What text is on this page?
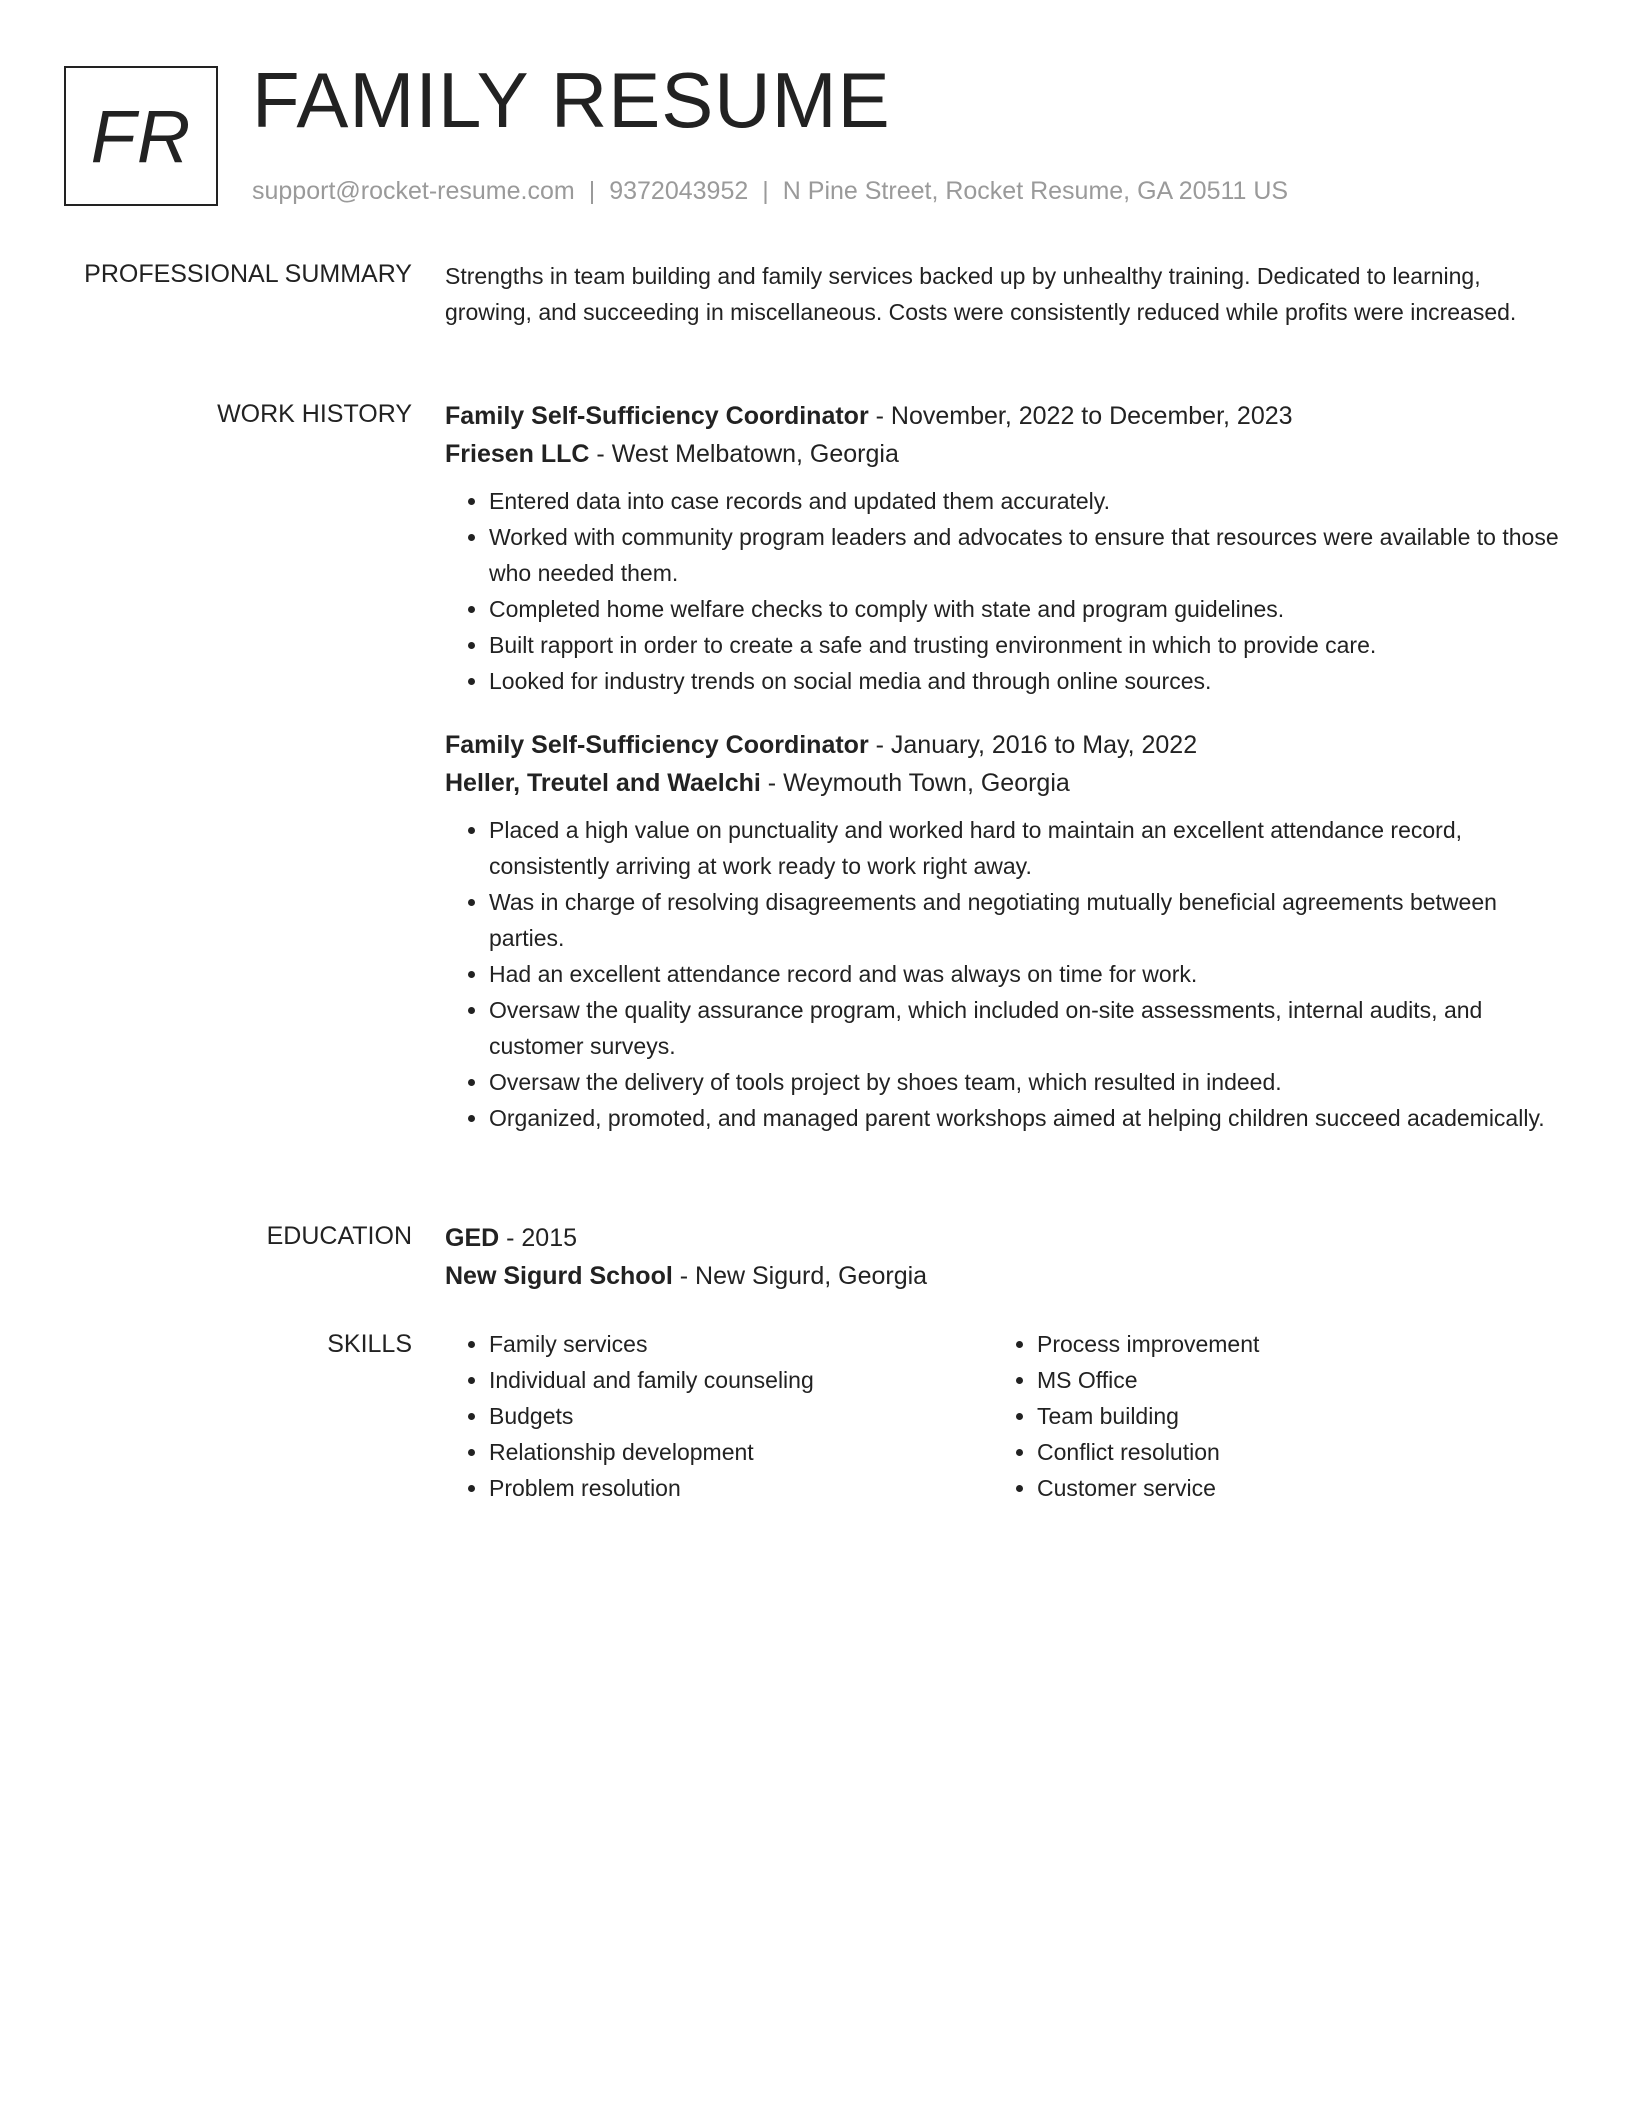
FR FAMILY RESUME
support@rocket-resume.com | 9372043952 | N Pine Street, Rocket Resume, GA 20511 US
PROFESSIONAL SUMMARY Strengths in team building and family services backed up by unhealthy training. Dedicated to learning, growing, and succeeding in miscellaneous. Costs were consistently reduced while profits were increased.
WORK HISTORY Family Self-Sufficiency Coordinator - November, 2022 to December, 2023
Friesen LLC - West Melbatown, Georgia
• Entered data into case records and updated them accurately.
• Worked with community program leaders and advocates to ensure that resources were available to those who needed them.
• Completed home welfare checks to comply with state and program guidelines.
• Built rapport in order to create a safe and trusting environment in which to provide care.
• Looked for industry trends on social media and through online sources.
Family Self-Sufficiency Coordinator - January, 2016 to May, 2022
Heller, Treutel and Waelchi - Weymouth Town, Georgia
• Placed a high value on punctuality and worked hard to maintain an excellent attendance record, consistently arriving at work ready to work right away.
• Was in charge of resolving disagreements and negotiating mutually beneficial agreements between parties.
• Had an excellent attendance record and was always on time for work.
• Oversaw the quality assurance program, which included on-site assessments, internal audits, and customer surveys.
• Oversaw the delivery of tools project by shoes team, which resulted in indeed.
• Organized, promoted, and managed parent workshops aimed at helping children succeed academically.
EDUCATION GED - 2015
New Sigurd School - New Sigurd, Georgia
SKILLS
•	Family services
• Individual and family counseling
• Budgets
• Relationship development
• Problem resolution
• Process improvement
• MS Office
• Team building
• Conflict resolution
• Customer service
